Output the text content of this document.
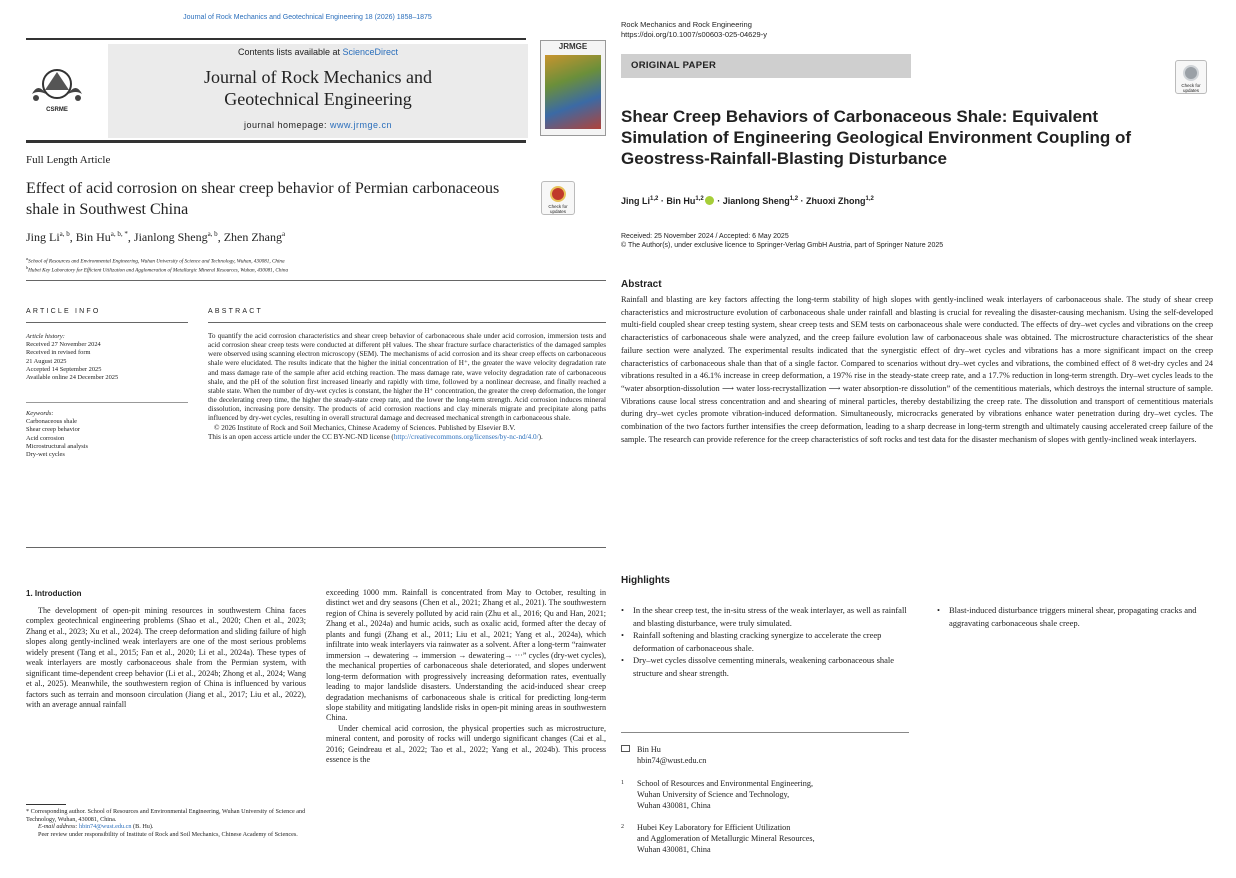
Journal of Rock Mechanics and Geotechnical Engineering 18 (2026) 1858–1875
CSRME
Contents lists available at ScienceDirect
Journal of Rock Mechanics and
Geotechnical Engineering
journal homepage: www.jrmge.cn
JRMGE
Full Length Article
Effect of acid corrosion on shear creep behavior of Permian carbonaceous shale in Southwest China	Check for updates
Jing Li$^{a, b}$, Bin $Hu^{a, b, *}$, Jianlong Sheng$^{a, b}$, Zhen Zhang$^a$
$^a$School of Resources and Environmental Engineering, Wuhan University of Science and Technology, Wuhan, 430081, China
$^b$Hubei Key Laboratory for Efficient Utilization and Agglomeration of Metallurgic Mineral Resources, Wuhan, 430081, China
ARTICLE INFO
Article history:
Received 27 November 2024
Received in revised form
21 August 2025
Accepted 14 September 2025
Available online 24 December 2025
Keywords:
Carbonaceous shale
Shear creep behavior
Acid corrosion
Microstructural analysis
Dry-wet cycles
ABSTRACT
To quantify the acid corrosion characteristics and shear creep behavior of carbonaceous shale under acid corrosion, immersion tests and acid corrosion shear creep tests were conducted at different pH values. The shear fracture surface characteristics of the damaged samples were observed using scanning electron microscopy (SEM). The mechanisms of acid corrosion and its shear creep effects on carbonaceous shale were elucidated. The results indicate that the higher the initial concentration of H⁺, the greater the wave velocity degradation rate and mass damage rate of the sample after acid etching reaction. The mass damage rate, wave velocity degradation rate of carbonaceous shale, and the pH of the solution first increased linearly and rapidly with time, followed by a nonlinear decrease, and finally reached a stable state. When the number of dry-wet cycles is constant, the higher the H⁺ concentration, the greater the creep deformation, the longer the decelerating creep time, the higher the steady-state creep rate, and the lower the long-term strength. Acid corrosion induces mineral dissolution, increasing pore density. The products of acid corrosion reactions and clay minerals migrate and precipitate along paths influenced by dry-wet cycles, resulting in overall structural damage and decreased mechanical strength in carbonaceous shale.
© 2026 Institute of Rock and Soil Mechanics, Chinese Academy of Sciences. Published by Elsevier B.V.
This is an open access article under the CC BY-NC-ND license (http://creativecommons.org/licenses/by-nc-nd/4.0/).
1. Introduction
The development of open-pit mining resources in southwestern China faces complex geotechnical engineering problems (Shao et al., 2020; Chen et al., 2023; Zhang et al., 2023; Xu et al., 2024). The creep deformation and sliding failure of high slopes along gently-inclined weak interlayers are one of the most serious problems widely present (Tang et al., 2015; Fan et al., 2020; Li et al., 2024a). These types of weak interlayers are mostly carbonaceous shale from the Permian system, with significant time-dependent creep behavior (Li et al., 2024b; Zhong et al., 2024; Wang et al., 2025). Meanwhile, the southwestern region of China is influenced by various factors such as terrain and monsoon circulation (Jiang et al., 2017; Liu et al., 2022), with an average annual rainfall
exceeding 1000 mm. Rainfall is concentrated from May to October, resulting in distinct wet and dry seasons (Chen et al., 2021; Zhang et al., 2021). The southwestern region of China is severely polluted by acid rain (Zhu et al., 2016; Qu and Han, 2021; Zhang et al., 2024a) and humic acids, such as oxalic acid, formed after the decay of plants and fungi (Zhang et al., 2011; Liu et al., 2021; Yang et al., 2024a), which infiltrate into weak interlayers via rainwater as a solvent. After a long-term “rainwater immersion → dewatering → immersion → dewatering→ ···” cycles (dry-wet cycles), the mechanical properties of carbonaceous shale deteriorated, and slopes underwent long-term deformation with progressively increasing deformation rates, eventually leading to major landslide disasters. Understanding the acid-induced shear creep degradation mechanisms of carbonaceous shale is critical for predicting long-term slope stability and mitigating landslide risks in open-pit mining areas in southwestern China.
Under chemical acid corrosion, the physical properties such as microstructure, mineral content, and porosity of rocks will undergo significant changes (Cai et al., 2016; Geindreau et al., 2022; Tao et al., 2022; Yang et al., 2024b). This process essence is the
* Corresponding author. School of Resources and Environmental Engineering, Wuhan University of Science and Technology, Wuhan, 430081, China.
E-mail address: hbin74@wust.edu.cn (B. Hu).
Peer review under responsibility of Institute of Rock and Soil Mechanics, Chinese Academy of Sciences.
Rock Mechanics and Rock Engineering
https://doi.org/10.1007/s00603-025-04629-y
ORIGINAL PAPER
Check for updates
Shear Creep Behaviors of Carbonaceous Shale: Equivalent Simulation of Engineering Geological Environment Coupling of Geostress-Rainfall-Blasting Disturbance
Jing Li$^{1,2}$ · Bin Hu$^{1,2}$ · Jianlong Sheng$^{1,2}$ · Zhuoxi Zhong$^{1,2}$
Received: 25 November 2024 / Accepted: 6 May 2025
© The Author(s), under exclusive licence to Springer-Verlag GmbH Austria, part of Springer Nature 2025
Abstract
Rainfall and blasting are key factors affecting the long-term stability of high slopes with gently-inclined weak interlayers of carbonaceous shale. The study of shear creep characteristics and microstructure evolution of carbonaceous shale under rainfall and blasting is crucial for revealing the disaster-causing mechanism. Using the self-developed multi-field coupled shear creep testing system, shear creep tests and SEM tests on carbonaceous shale were conducted. The effects of dry–wet cycles and vibrations on the creep characteristics of carbonaceous shale were analyzed, and the creep failure evolution law of carbonaceous shale was obtained. The microstructure characteristics of the shear failure section were analyzed. The experimental results indicated that the synergistic effect of dry–wet cycles and vibrations has a more significant impact on the creep characteristics of carbonaceous shale than that of a single factor. Compared to scenarios without dry–wet cycles and vibrations, the combined effect of 8 wet-dry cycles and 24 vibrations resulted in a 46.1% increase in creep deformation, a 197% rise in the steady-state creep rate, and a 17.7% reduction in long-term strength. Dry–wet cycles leads to the “water absorption-dissolution ⟶ water loss-recrystallization ⟶ water absorption-re dissolution” of the cementitious materials, which destroys the internal structure of sample. Vibrations cause local stress concentration and and shearing of mineral particles, thereby destabilizing the creep rate. The dissolution and transport of cementitious materials during dry–wet cycles promote vibration-induced deformation. Simultaneously, microcracks generated by vibrations enhance water penetration during dry–wet cycles. The combination of the two factors further intensifies the creep deformation, leading to a sharp decrease in long-term strength and ultimately causing accelerated creep failure of the sample. The research can provide reference for the creep characteristics of soft rocks and test data for the disaster mechanism of slopes with gently-inclined weak interlayers.
Highlights
• In the shear creep test, the in-situ stress of the weak interlayer, as well as rainfall and blasting disturbance, were truly simulated.
• Rainfall softening and blasting cracking synergize to accelerate the creep deformation of carbonaceous shale.
• Dry–wet cycles dissolve cementing minerals, weakening carbonaceous shale structure and shear strength.
• Blast-induced disturbance triggers mineral shear, propagating cracks and aggravating carbonaceous shale creep.
Bin Hu
hbin74@wust.edu.cn
1	School of Resources and Environmental Engineering,
Wuhan University of Science and Technology,
Wuhan 430081, China
2	Hubei Key Laboratory for Efficient Utilization
and Agglomeration of Metallurgic Mineral Resources,
Wuhan 430081, China
